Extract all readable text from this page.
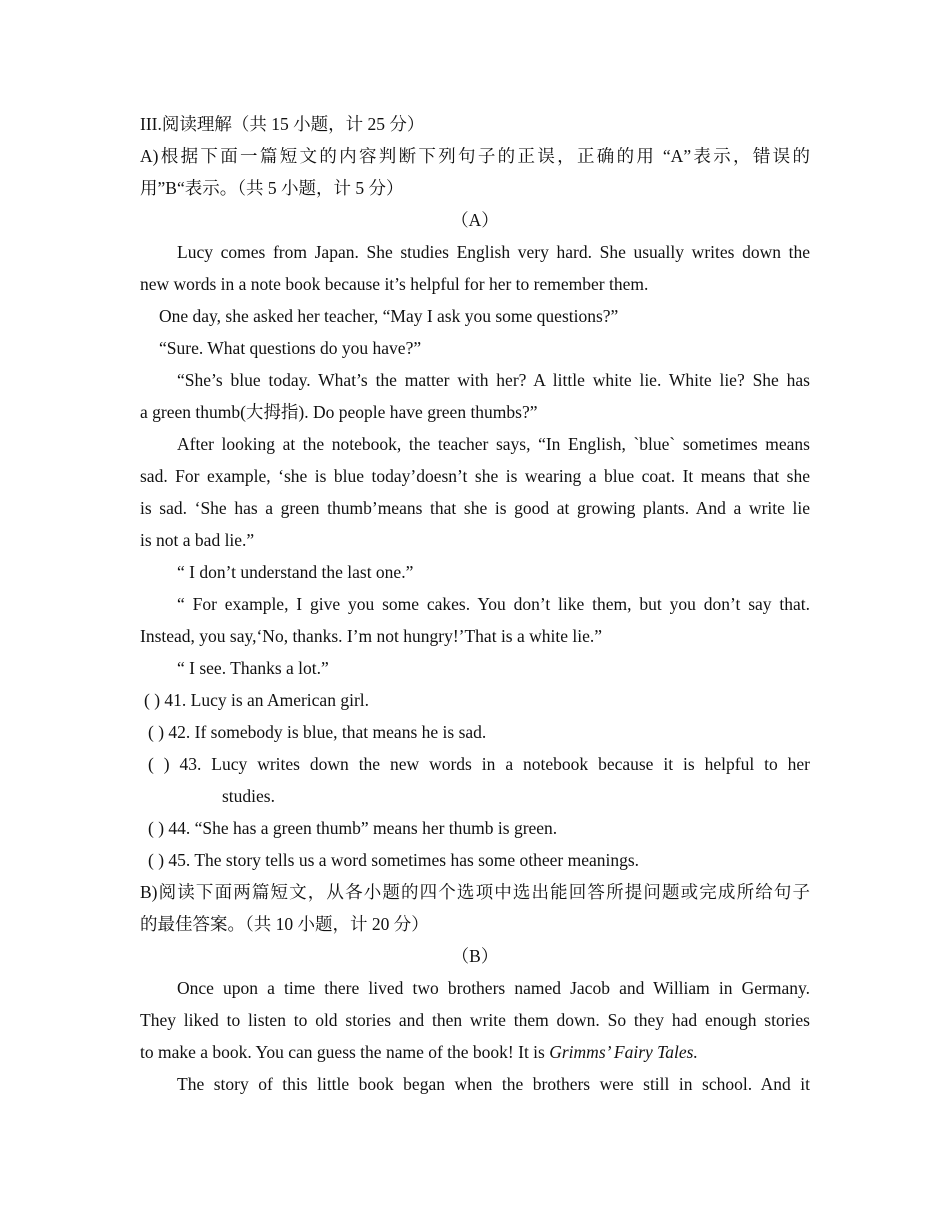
III.阅读理解（共 15 小题，计 25 分）
A)根据下面一篇短文的内容判断下列句子的正误，正确的用 “A”表示，错误的
用”B“表示。（共 5 小题，计 5 分）
（A）
Lucy comes from Japan. She studies English very hard. She usually writes down the
new words in a note book because it’s helpful for her to remember them.
One day, she asked her teacher, “May I ask you some questions?”
“Sure. What questions do you have?”
“She’s blue today. What’s the matter with her? A little white lie. White lie? She has
a green thumb(大拇指). Do people have green thumbs?”
After looking at the notebook, the teacher says, “In English, `blue` sometimes means
sad. For example, ‘she is blue today’doesn’t she is wearing a blue coat. It means that she
is sad. ‘She has a green thumb’means that she is good at growing plants. And a write lie
is not a bad lie.”
“ I don’t understand the last one.”
“ For example, I give you some cakes. You don’t like them, but you don’t say that.
Instead, you say,‘No, thanks. I’m not hungry!’That is a white lie.”
“ I see. Thanks a lot.”
( ) 41. Lucy is an American girl.
( ) 42. If somebody is blue, that means he is sad.
( ) 43. Lucy writes down the new words in a notebook because it is helpful to her
studies.
( ) 44. “She has a green thumb” means her thumb is green.
( ) 45. The story tells us a word sometimes has some otheer meanings.
B)阅读下面两篇短文，从各小题的四个选项中选出能回答所提问题或完成所给句子
的最佳答案。（共 10 小题，计 20 分）
（B）
Once upon a time there lived two brothers named Jacob and William in Germany.
They liked to listen to old stories and then write them down. So they had enough stories
to make a book. You can guess the name of the book! It is Grimms’ Fairy Tales.
The story of this little book began when the brothers were still in school. And it
